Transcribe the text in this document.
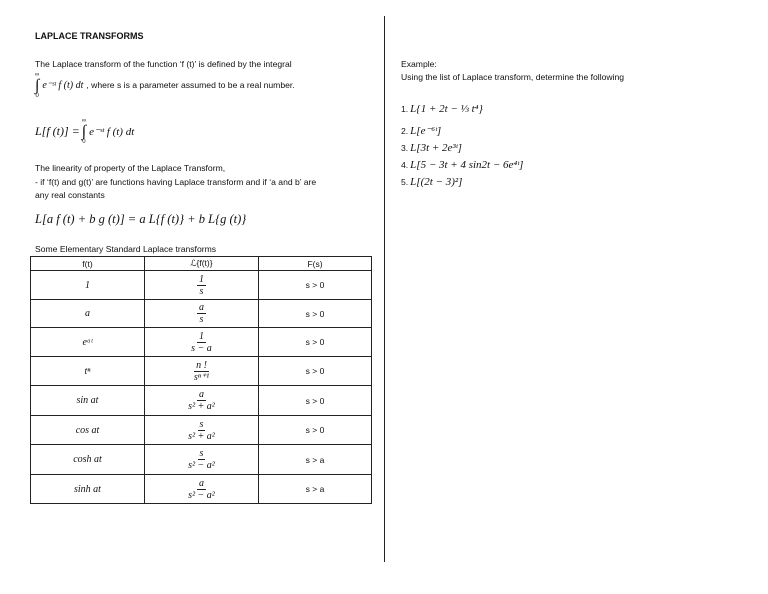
LAPLACE TRANSFORMS
The Laplace transform of the function ‘f (t)’ is defined by the integral
∞
∫
0
e⁻ˢᵗ f (t) dt , where s is a parameter assumed to be a real number.
L[f (t)] =
∞
∫
0
e⁻ˢᵗ f (t) dt
The linearity of property of the Laplace Transform,
- if ‘f(t) and g(t)’ are functions having Laplace transform and if ‘a and b’ are
any real constants
L[a f (t) + b g (t)] = a L{f (t)} + b L{g (t)}
Some Elementary Standard Laplace transforms
f(t)	ℒ{f(t)}	F(s)
1	$\frac{1}{s}$	s > 0
a	$\frac{a}{s}$	s > 0
eᵃᵗ	$\frac{1}{s - a}$	s > 0
tⁿ	$\frac{n !}{\text{sⁿ⁺¹}}$	s > 0
sin at	$\frac{a}{\text{s² + a²}}$	s > 0
cos at	$\frac{s}{\text{s² + a²}}$	s > 0
cosh at	$\frac{s}{\text{s² − a²}}$	s > a
sinh at	$\frac{a}{\text{s² − a²}}$	s > a
Example:
Using the list of Laplace transform, determine the following
1. L{1 + 2t − ⅓ t⁴}
2. L[e⁻⁶ᵗ]
3. L[3t + 2e³ᵗ]
4. L[5 − 3t + 4 sin2t − 6e⁴ᵗ]
5. L[(2t − 3)²]
